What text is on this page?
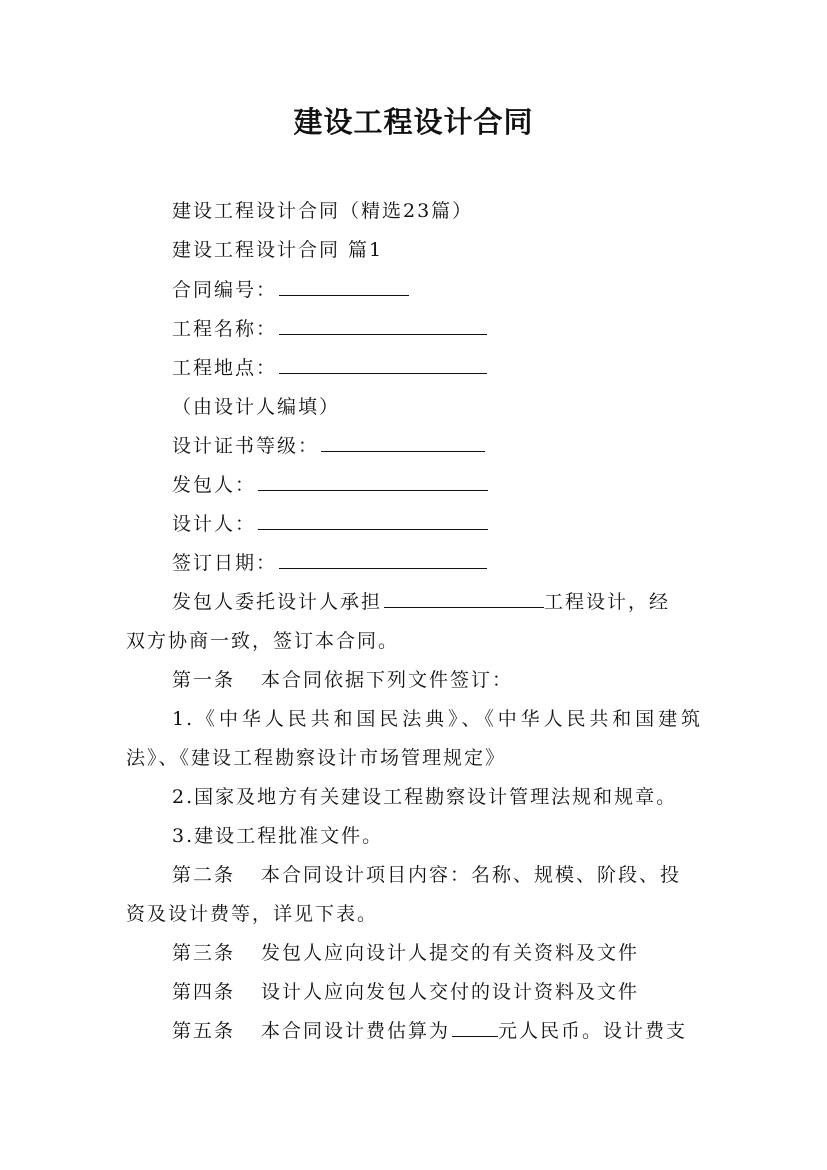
建设工程设计合同
建设工程设计合同（精选23篇）
建设工程设计合同 篇1
合同编号：
工程名称：
工程地点：
（由设计人编填）
设计证书等级：
发包人：
设计人：
签订日期：
发包人委托设计人承担	工程设计，经
双方协商一致，签订本合同。
第一条 本合同依据下列文件签订：
1.《中华人民共和国民法典》、《中华人民共和国建筑
法》、《建设工程勘察设计市场管理规定》
2.国家及地方有关建设工程勘察设计管理法规和规章。
3.建设工程批准文件。
第二条 本合同设计项目内容：名称、规模、阶段、投
资及设计费等，详见下表。
第三条 发包人应向设计人提交的有关资料及文件
第四条 设计人应向发包人交付的设计资料及文件
第五条 本合同设计费估算为	元人民币。设计费支
